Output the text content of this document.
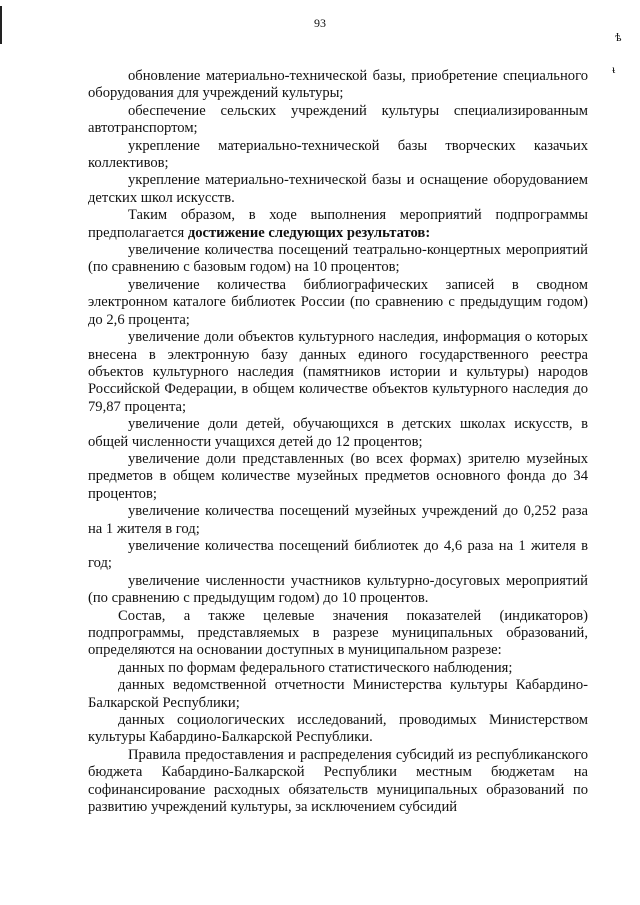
93
ѣ
ᵼ

обновление материально-технической базы, приобретение специального оборудования для учреждений культуры;

обеспечение сельских учреждений культуры специализированным автотранспортом;

укрепление материально-технической базы творческих казачьих коллективов;

укрепление материально-технической базы и оснащение оборудованием детских школ искусств.

Таким образом, в ходе выполнения мероприятий подпрограммы предполагается достижение следующих результатов:

увеличение количества посещений театрально-концертных мероприятий (по сравнению с базовым годом) на 10 процентов;

увеличение количества библиографических записей в сводном электронном каталоге библиотек России (по сравнению с предыдущим годом) до 2,6 процента;

увеличение доли объектов культурного наследия, информация о которых внесена в электронную базу данных единого государственного реестра объектов культурного наследия (памятников истории и культуры) народов Российской Федерации, в общем количестве объектов культурного наследия до 79,87 процента;

увеличение доли детей, обучающихся в детских школах искусств, в общей численности учащихся детей до 12 процентов;

увеличение доли представленных (во всех формах) зрителю музейных предметов в общем количестве музейных предметов основного фонда до 34 процентов;

увеличение количества посещений музейных учреждений до 0,252 раза на 1 жителя в год;

увеличение количества посещений библиотек до 4,6 раза на 1 жителя в год;

увеличение численности участников культурно-досуговых мероприятий (по сравнению с предыдущим годом) до 10 процентов.

Состав, а также целевые значения показателей (индикаторов) подпрограммы, представляемых в разрезе муниципальных образований, определяются на основании доступных в муниципальном разрезе:

данных по формам федерального статистического наблюдения;

данных ведомственной отчетности Министерства культуры Кабардино-Балкарской Республики;

данных социологических исследований, проводимых Министерством культуры Кабардино-Балкарской Республики.

Правила предоставления и распределения субсидий из республиканского бюджета Кабардино-Балкарской Республики местным бюджетам на софинансирование расходных обязательств муниципальных образований по развитию учреждений культуры, за исключением субсидий
